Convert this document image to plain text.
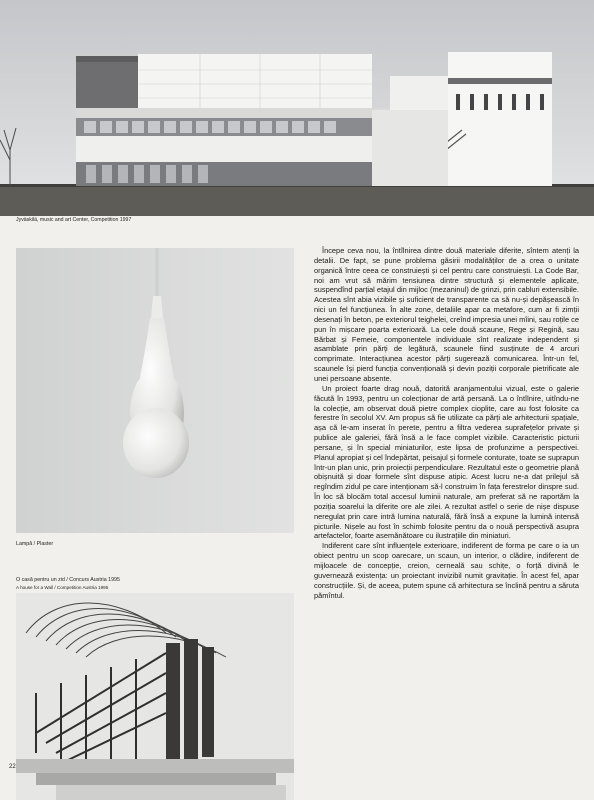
Jyväskilä, music and art Center, Competition 1997
Lampă / Plaster
O casă pentru un zid / Concurs Austria 1995
A house for a Wall / Competition Austria 1995
22

Începe ceva nou, la întîlnirea dintre două materiale diferite, sîntem atenți la detalii. De fapt, se pune problema găsirii modalităților de a crea o unitate organică între ceea ce construiești și cel pentru care construiești. La Code Bar, noi am vrut să mărim tensiunea dintre structură și elementele aplicate, suspendînd parțial etajul din mijloc (mezaninul) de grinzi, prin cabluri extensibile. Acestea sînt abia vizibile și suficient de transparente ca să nu-și depășească în nici un fel funcțiunea. În alte zone, detaliile apar ca metafore, cum ar fi zimții desenați în beton, pe exteriorul teighelei, creînd impresia unei mîini, sau roțile ce pun în mișcare poarta exterioară. La cele două scaune, Rege și Regină, sau Bărbat și Femeie, componentele individuale sînt realizate independent și asamblate prin părți de legătură, scaunele fiind susținute de 4 arcuri comprimate. Interacțiunea acestor părți sugerează comunicarea. Într-un fel, scaunele își pierd funcția convențională și devin poziții corporale pietrificate ale unei persoane absente.

Un proiect foarte drag nouă, datorită aranjamentului vizual, este o galerie făcută în 1993, pentru un colecționar de artă persană. La o întîlnire, uitîndu-ne la colecție, am observat două pietre complex cioplite, care au fost folosite ca ferestre în secolul XV. Am propus să fie utilizate ca părți ale arhitecturii spațiale, așa că le-am inserat în perete, pentru a filtra vederea suprafețelor private și publice ale galeriei, fără însă a le face complet vizibile. Caracteristic picturii persane, și în special miniaturilor, este lipsa de profunzime a perspectivei. Planul apropiat și cel îndepărtat, peisajul și formele conturate, toate se suprapun într-un plan unic, prin proiecții perpendiculare. Rezultatul este o geometrie plană obișnuită și doar formele sînt dispuse atipic. Acest lucru ne-a dat prilejul să regîndim zidul pe care intenționam să-l construim în fața ferestrelor dinspre sud. În loc să blocăm total accesul luminii naturale, am preferat să ne raportăm la poziția soarelui la diferite ore ale zilei. A rezultat astfel o serie de nișe dispuse neregulat prin care intră lumina naturală, fără însă a expune la lumină intensă picturile. Nișele au fost în schimb folosite pentru da o nouă perspectivă asupra artefactelor, foarte asemănătoare cu ilustrațiile din miniaturi.

Indiferent care sînt influențele exterioare, indiferent de forma pe care o ia un obiect pentru un scop oarecare, un scaun, un interior, o clădire, indiferent de mijloacele de concepție, creion, cerneală sau schițe, o forță divină le guvernează existența: un proiectant invizibil numit gravitație. În acest fel, apar construcțiile. Și, de aceea, putem spune că arhitectura se înclină pentru a săruta pămîntul.
